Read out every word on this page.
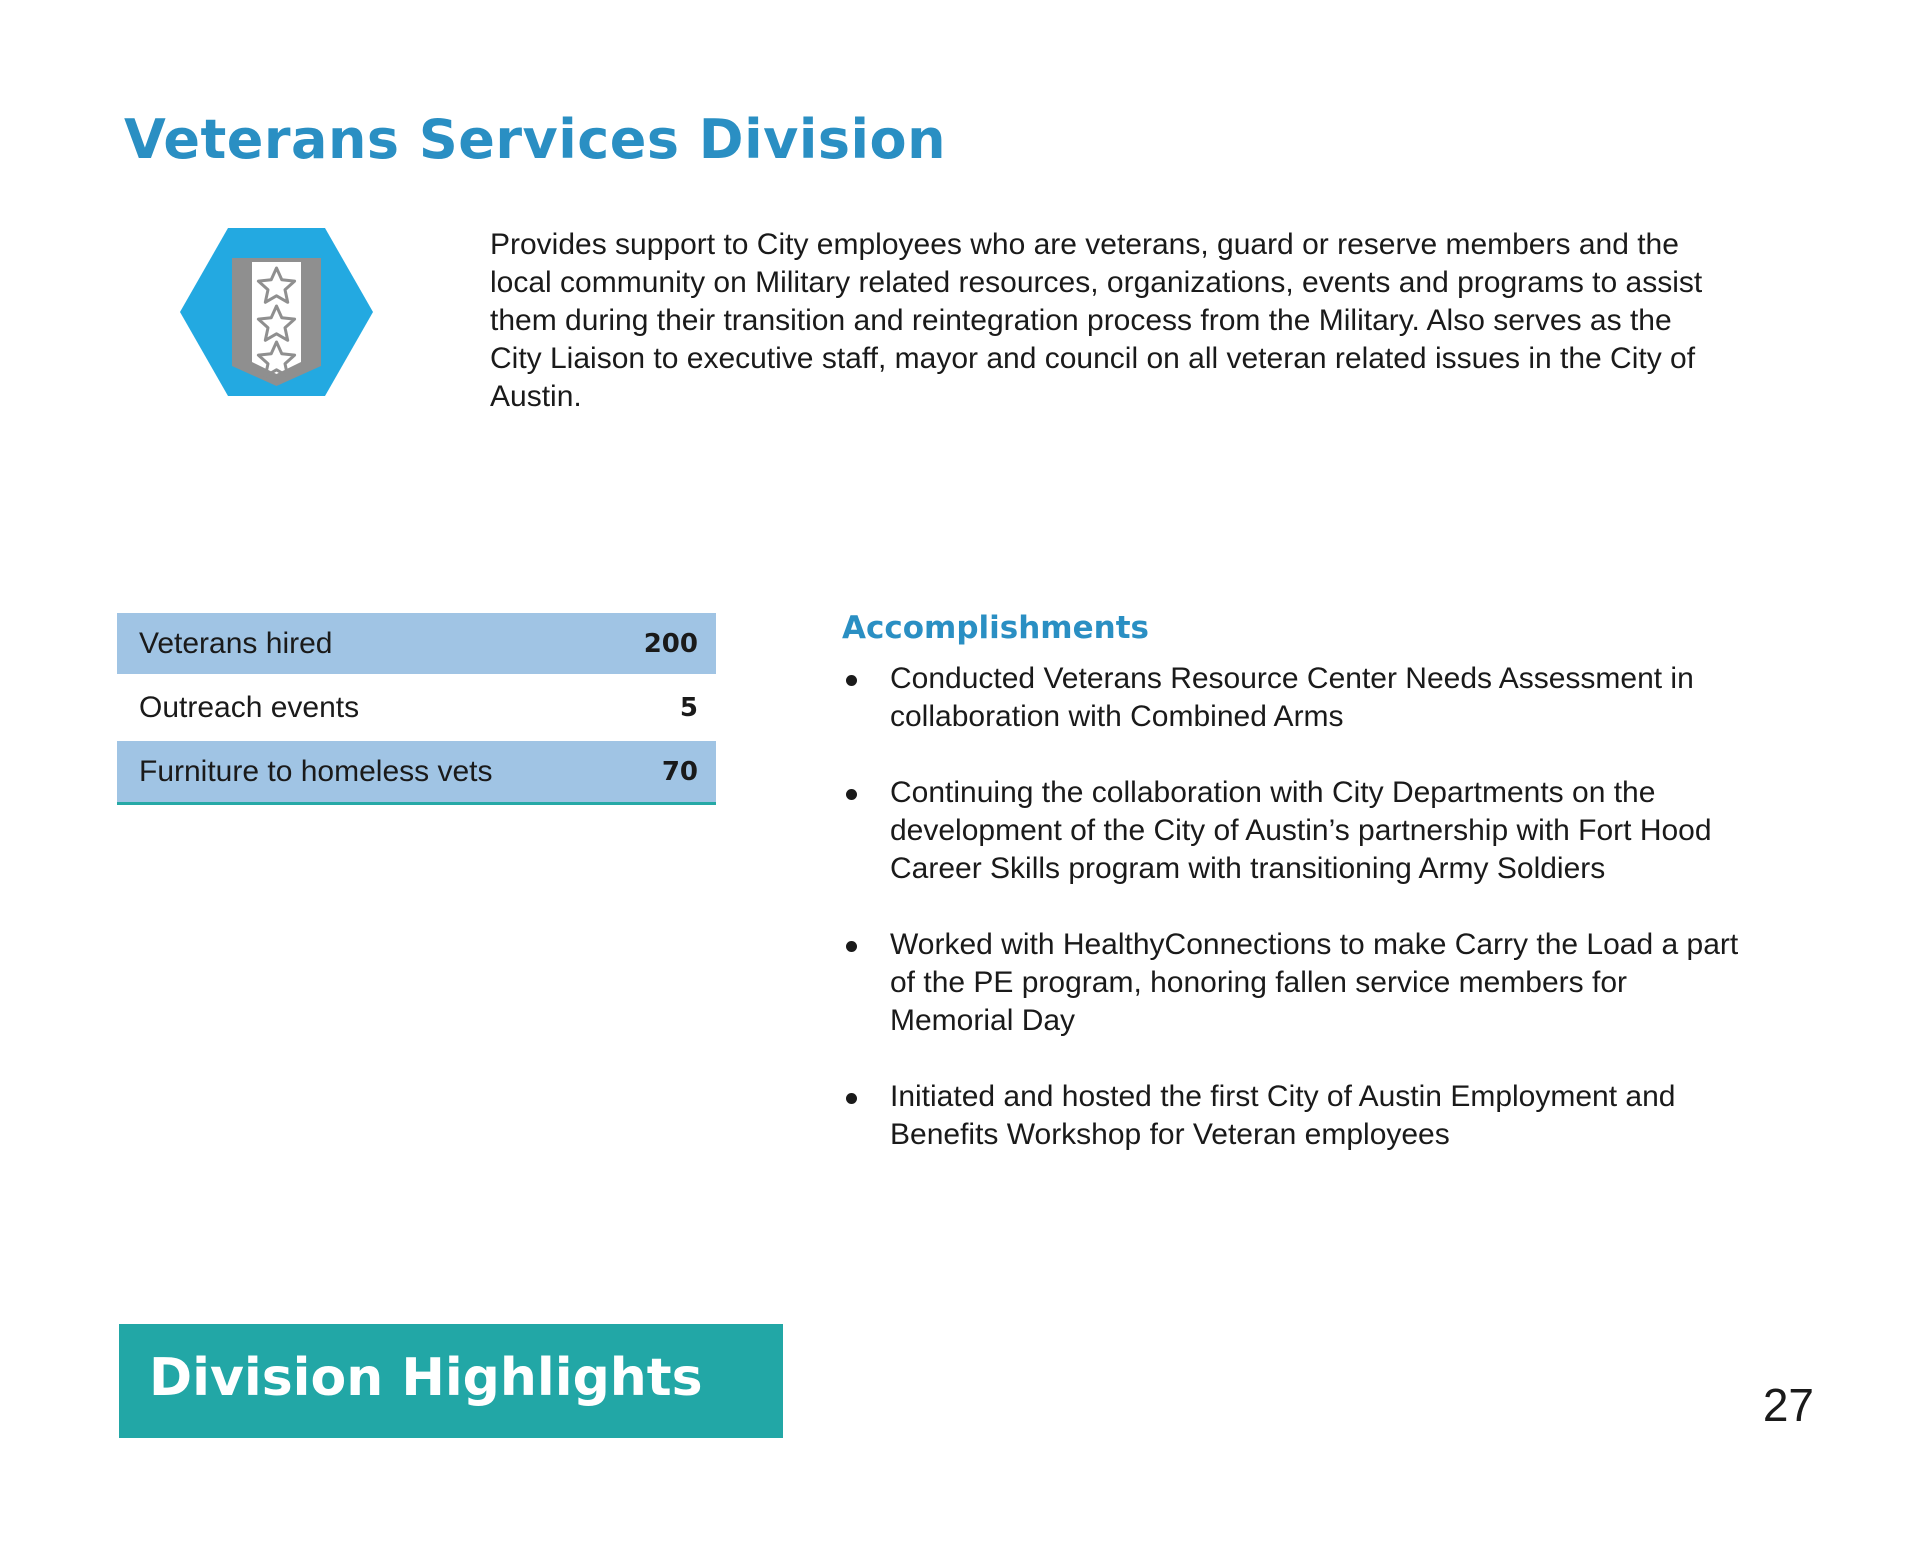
Veterans Services Division

Provides support to City employees who are veterans, guard or reserve members and the local community on Military related resources, organizations, events and programs to assist them during their transition and reintegration process from the Military. Also serves as the City Liaison to executive staff, mayor and council on all veteran related issues in the City of Austin.

Veterans hired	200
Outreach events	5
Furniture to homeless vets	70
Accomplishments
Conducted Veterans Resource Center Needs Assessment in collaboration with Combined Arms
Continuing the collaboration with City Departments on the development of the City of Austin’s partnership with Fort Hood Career Skills program with transitioning Army Soldiers
Worked with HealthyConnections to make Carry the Load a part of the PE program, honoring fallen service members for Memorial Day
Initiated and hosted the first City of Austin Employment and Benefits Workshop for Veteran employees
Division Highlights	27
